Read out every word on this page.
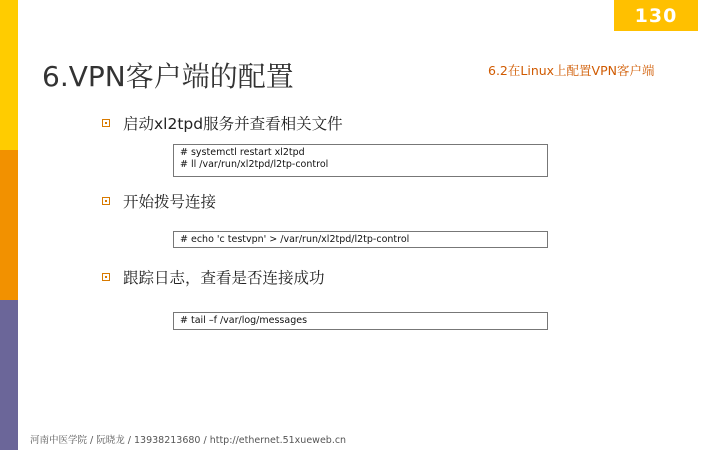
130
6.VPN客户端的配置	6.2在Linux上配置VPN客户端
启动xl2tpd服务并查看相关文件
# systemctl restart xl2tpd
# ll /var/run/xl2tpd/l2tp-control
开始拨号连接
# echo 'c testvpn' > /var/run/xl2tpd/l2tp-control
跟踪日志，查看是否连接成功
# tail –f /var/log/messages
河南中医学院 / 阮晓龙 / 13938213680 / http://ethernet.51xueweb.cn
